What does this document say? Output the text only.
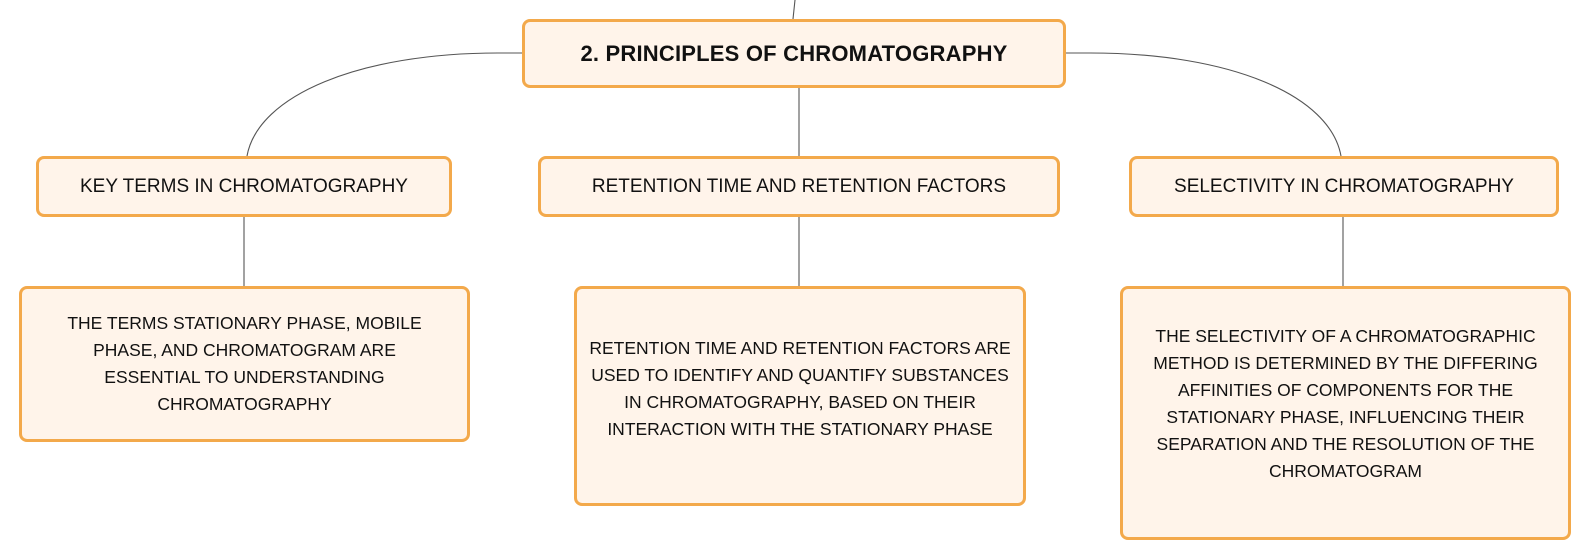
2. PRINCIPLES OF CHROMATOGRAPHY
KEY TERMS IN CHROMATOGRAPHY	RETENTION TIME AND RETENTION FACTORS	SELECTIVITY IN CHROMATOGRAPHY
THE TERMS STATIONARY PHASE, MOBILE PHASE, AND CHROMATOGRAM ARE ESSENTIAL TO UNDERSTANDING CHROMATOGRAPHY
RETENTION TIME AND RETENTION FACTORS ARE USED TO IDENTIFY AND QUANTIFY SUBSTANCES IN CHROMATOGRAPHY, BASED ON THEIR INTERACTION WITH THE STATIONARY PHASE
THE SELECTIVITY OF A CHROMATOGRAPHIC METHOD IS DETERMINED BY THE DIFFERING AFFINITIES OF COMPONENTS FOR THE STATIONARY PHASE, INFLUENCING THEIR SEPARATION AND THE RESOLUTION OF THE CHROMATOGRAM
